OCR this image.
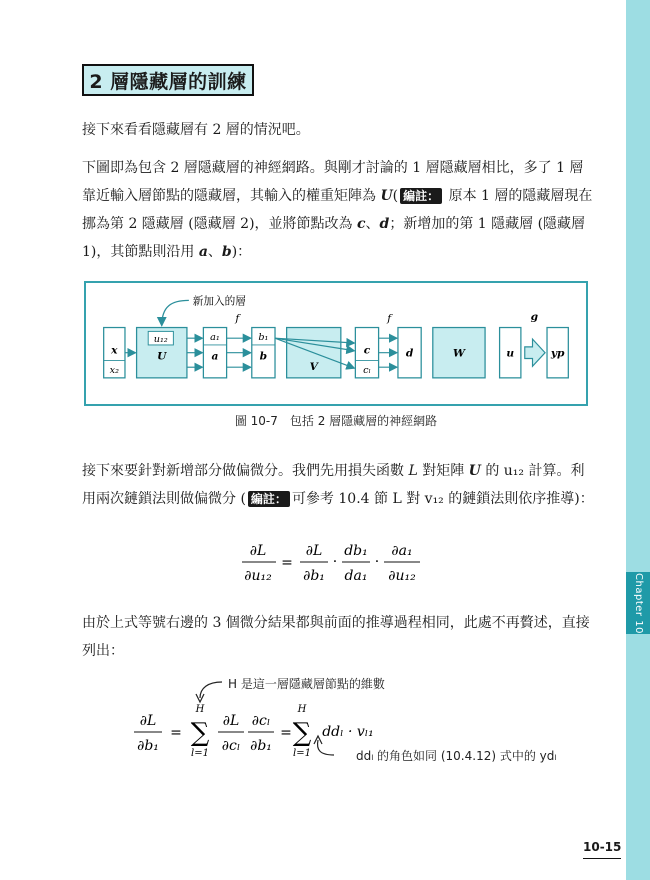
Chapter 10
2 層隱藏層的訓練
接下來看看隱藏層有 2 層的情況吧。
下圖即為包含 2 層隱藏層的神經網路。與剛才討論的 1 層隱藏層相比，多了 1 層靠近輸入層節點的隱藏層，其輸入的權重矩陣為 U( 編註： 原本 1 層的隱藏層現在挪為第 2 隱藏層 (隱藏層 2)，並將節點改為 c、d；新增加的第 1 隱藏層 (隱藏層 1)，其節點則沿用 a、b)：
新加入的層
f	f	g
x
x₂
u₁₂
U
a₁
a
b₁
b
V
c
cₗ
d	W	u	yp
圖 10-7　包括 2 層隱藏層的神經網路
接下來要針對新增部分做偏微分。我們先用損失函數 L 對矩陣 U 的 u₁₂ 計算。利用兩次鏈鎖法則做偏微分 ( 編註： 可參考 10.4 節 L 對 v₁₂ 的鏈鎖法則依序推導)：
∂L
∂u₁₂
=
∂L
∂b₁
·
db₁
da₁
·
∂a₁
∂u₁₂
由於上式等號右邊的 3 個微分結果都與前面的推導過程相同，此處不再贅述，直接列出：
∂L
∂b₁
=
H
∑
l=1
∂L
∂cₗ
∂cₗ
∂b₁
=
H
∑
l=1
ddₗ · vₗ₁
H 是這一層隱藏層節點的維數
ddₗ 的角色如同 (10.4.12) 式中的 ydₗ
10-15
